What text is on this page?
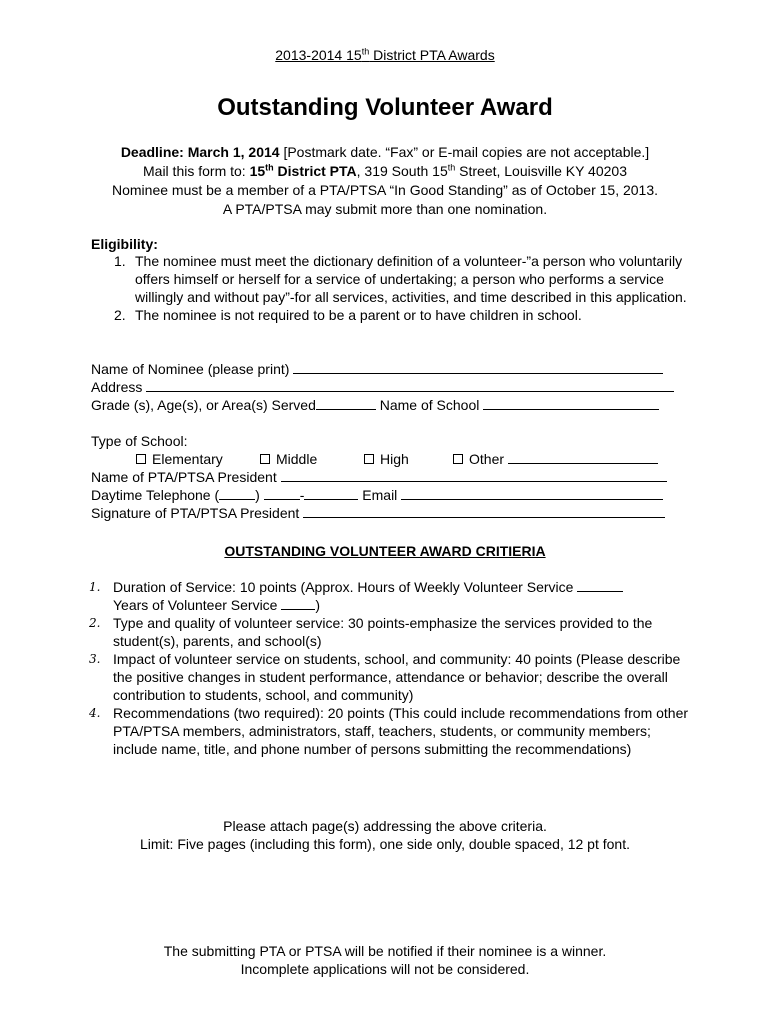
2013-2014 15th District PTA Awards
Outstanding Volunteer Award
Deadline: March 1, 2014 [Postmark date. “Fax” or E-mail copies are not acceptable.]
Mail this form to: 15th District PTA, 319 South 15th Street, Louisville KY 40203
Nominee must be a member of a PTA/PTSA “In Good Standing” as of October 15, 2013.
A PTA/PTSA may submit more than one nomination.
Eligibility:
1. The nominee must meet the dictionary definition of a volunteer-”a person who voluntarily offers himself or herself for a service of undertaking; a person who performs a service willingly and without pay”-for all services, activities, and time described in this application.
2. The nominee is not required to be a parent or to have children in school.
Name of Nominee (please print)
Address
Grade (s), Age(s), or Area(s) Served	Name of School
Type of School:
Elementary	Middle	High	Other
Name of PTA/PTSA President
Daytime Telephone (	)	-	Email
Signature of PTA/PTSA President
OUTSTANDING VOLUNTEER AWARD CRITIERIA
1. Duration of Service: 10 points (Approx. Hours of Weekly Volunteer Service
Years of Volunteer Service )
2. Type and quality of volunteer service: 30 points-emphasize the services provided to the student(s), parents, and school(s)
3. Impact of volunteer service on students, school, and community: 40 points (Please describe the positive changes in student performance, attendance or behavior; describe the overall contribution to students, school, and community)
4. Recommendations (two required): 20 points (This could include recommendations from other PTA/PTSA members, administrators, staff, teachers, students, or community members; include name, title, and phone number of persons submitting the recommendations)
Please attach page(s) addressing the above criteria.
Limit: Five pages (including this form), one side only, double spaced, 12 pt font.
The submitting PTA or PTSA will be notified if their nominee is a winner.
Incomplete applications will not be considered.
